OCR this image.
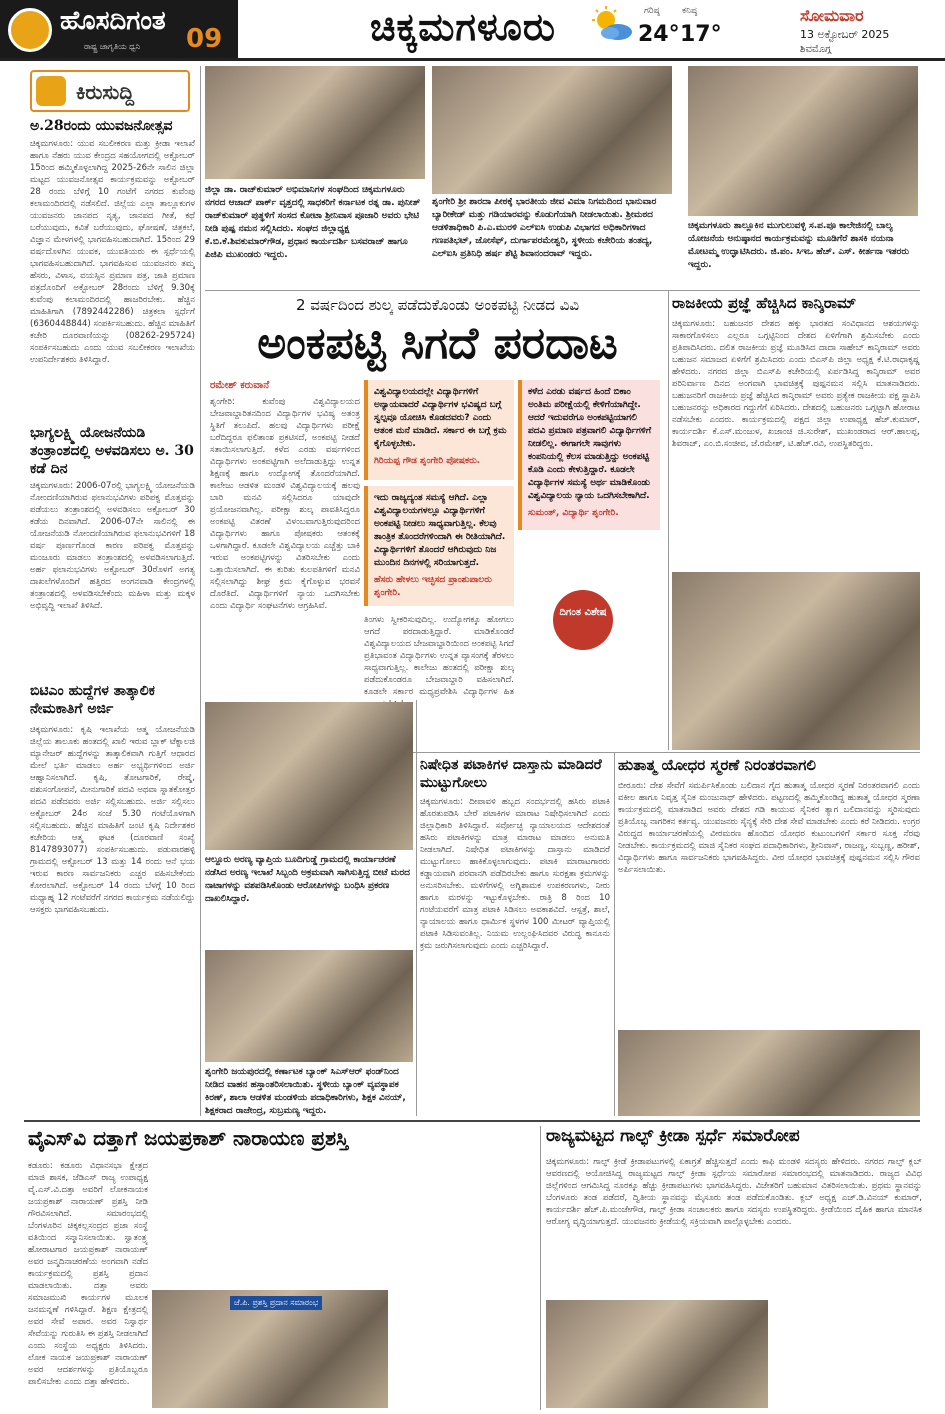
ಹೊಸದಿಗಂತ
ರಾಷ್ಟ್ರ ಜಾಗೃತಿಯ ಧ್ವನಿ 09	ಚಿಕ್ಕಮಗಳೂರು	ಗರಿಷ್ಠ
24°
ಕನಿಷ್ಠ
17°
ಸೋಮವಾರ
13 ಅಕ್ಟೋಬರ್ 2025
ಶಿವಮೊಗ್ಗ
ಕಿರುಸುದ್ದಿ
ಅ.28ರಂದು ಯುವಜನೋತ್ಸವ
ಚಿಕ್ಕಮಗಳೂರು: ಯುವ ಸಬಲೀಕರಣ ಮತ್ತು ಕ್ರೀಡಾ ಇಲಾಖೆ ಹಾಗೂ ನೆಹರು ಯುವ ಕೇಂದ್ರದ ಸಹಯೋಗದಲ್ಲಿ ಅಕ್ಟೋಬರ್ 15ರಿಂದ ಹಮ್ಮಿಕೊಳ್ಳಲಾಗಿದ್ದ 2025-26ನೇ ಸಾಲಿನ ಜಿಲ್ಲಾ ಮಟ್ಟದ ಯುವಜನೋತ್ಸವ ಕಾರ್ಯಕ್ರಮವನ್ನು ಅಕ್ಟೋಬರ್ 28 ರಂದು ಬೆಳಿಗ್ಗೆ 10 ಗಂಟೆಗೆ ನಗರದ ಕುವೆಂಪು ಕಲಾಮಂದಿರದಲ್ಲಿ ನಡೆಸಲಿದೆ. ಜಿಲ್ಲೆಯ ಎಲ್ಲಾ ತಾಲ್ಲೂಕುಗಳ ಯುವಜನರು ಜಾನಪದ ನೃತ್ಯ, ಜಾನಪದ ಗೀತೆ, ಕಥೆ ಬರೆಯುವುದು, ಕವಿತೆ ಬರೆಯುವುದು, ಘೋಷಣೆ, ಚಿತ್ರಕಲೆ, ವಿಜ್ಞಾನ ಮೇಳಗಳಲ್ಲಿ ಭಾಗವಹಿಸಬಹುದಾಗಿದೆ. 15ರಿಂದ 29 ವರ್ಷದೊಳಗಿನ ಯುವಕ, ಯುವತಿಯರು ಈ ಸ್ಪರ್ಧೆಯಲ್ಲಿ ಭಾಗವಹಿಸಬಹುದಾಗಿದೆ. ಭಾಗವಹಿಸುವ ಯುವಜನರು ತಮ್ಮ ಹೆಸರು, ವಿಳಾಸ, ವಯಸ್ಸಿನ ಪ್ರಮಾಣ ಪತ್ರ, ಜಾತಿ ಪ್ರಮಾಣ ಪತ್ರದೊಂದಿಗೆ ಅಕ್ಟೋಬರ್ 28ರಂದು ಬೆಳಿಗ್ಗೆ 9.30ಕ್ಕೆ ಕುವೆಂಪು ಕಲಾಮಂದಿರದಲ್ಲಿ ಹಾಜರಿರಬೇಕು. ಹೆಚ್ಚಿನ ಮಾಹಿತಿಗಾಗಿ (7892442286) ಚಿತ್ರಕಲಾ ಸ್ಪರ್ಧೆಗೆ (6360448844) ಸಂಪರ್ಕಿಸಬಹುದು. ಹೆಚ್ಚಿನ ಮಾಹಿತಿಗೆ ಕಚೇರಿ ದೂರವಾಣಿಯನ್ನು (08262-295724) ಸಂಪರ್ಕಿಸಬಹುದು ಎಂದು ಯುವ ಸಬಲೀಕರಣ ಇಲಾಖೆಯ ಉಪನಿರ್ದೇಶಕರು ತಿಳಿಸಿದ್ದಾರೆ.
ಭಾಗ್ಯಲಕ್ಷ್ಮಿ ಯೋಜನೆಯಡಿ ತಂತ್ರಾಂಶದಲ್ಲಿ ಅಳವಡಿಸಲು ಅ. 30 ಕಡೆ ದಿನ
ಚಿಕ್ಕಮಗಳೂರು: 2006-07ರಲ್ಲಿ ಭಾಗ್ಯಲಕ್ಷ್ಮಿ ಯೋಜನೆಯಡಿ ನೋಂದಣಿಯಾಗಿರುವ ಫಲಾನುಭವಿಗಳು ಪರಿಪಕ್ವ ಮೊತ್ತವನ್ನು ಪಡೆಯಲು ತಂತ್ರಾಂಶದಲ್ಲಿ ಅಳವಡಿಸಲು ಅಕ್ಟೋಬರ್ 30 ಕಡೆಯ ದಿನವಾಗಿದೆ. 2006-07ನೇ ಸಾಲಿನಲ್ಲಿ ಈ ಯೋಜನೆಯಡಿ ನೋಂದಣಿಯಾಗಿರುವ ಫಲಾನುಭವಿಗಳಿಗೆ 18 ವರ್ಷ ಪೂರ್ಣಗೊಂಡ ಕಾರಣ ಪರಿಪಕ್ವ ಮೊತ್ತವನ್ನು ಮಂಜೂರು ಮಾಡಲು ತಂತ್ರಾಂಶದಲ್ಲಿ ಅಳವಡಿಸಲಾಗುತ್ತಿದೆ. ಅರ್ಹ ಫಲಾನುಭವಿಗಳು ಅಕ್ಟೋಬರ್ 30ರೊಳಗೆ ಅಗತ್ಯ ದಾಖಲೆಗಳೊಂದಿಗೆ ಹತ್ತಿರದ ಅಂಗನವಾಡಿ ಕೇಂದ್ರಗಳಲ್ಲಿ ತಂತ್ರಾಂಶದಲ್ಲಿ ಅಳವಡಿಸಬೇಕೆಂದು ಮಹಿಳಾ ಮತ್ತು ಮಕ್ಕಳ ಅಭಿವೃದ್ಧಿ ಇಲಾಖೆ ತಿಳಿಸಿದೆ.
ಬಿಟಿಎಂ ಹುದ್ದೆಗಳ ತಾತ್ಕಾಲಿಕ ನೇಮಕಾತಿಗೆ ಅರ್ಜಿ
ಚಿಕ್ಕಮಗಳೂರು: ಕೃಷಿ ಇಲಾಖೆಯ ಆತ್ಮ ಯೋಜನೆಯಡಿ ಜಿಲ್ಲೆಯ ತಾಲೂಕು ಹಂತದಲ್ಲಿ ಖಾಲಿ ಇರುವ ಬ್ಲಾಕ್ ಟೆಕ್ನಾಲಜಿ ಮ್ಯಾನೇಜರ್ ಹುದ್ದೆಗಳನ್ನು ತಾತ್ಕಾಲಿಕವಾಗಿ ಗುತ್ತಿಗೆ ಆಧಾರದ ಮೇಲೆ ಭರ್ತಿ ಮಾಡಲು ಅರ್ಹ ಅಭ್ಯರ್ಥಿಗಳಿಂದ ಅರ್ಜಿ ಆಹ್ವಾನಿಸಲಾಗಿದೆ. ಕೃಷಿ, ತೋಟಗಾರಿಕೆ, ರೇಷ್ಮೆ, ಪಶುಸಂಗೋಪನೆ, ಮೀನುಗಾರಿಕೆ ಪದವಿ ಅಥವಾ ಸ್ನಾತಕೋತ್ತರ ಪದವಿ ಪಡೆದವರು ಅರ್ಜಿ ಸಲ್ಲಿಸಬಹುದು. ಅರ್ಜಿ ಸಲ್ಲಿಸಲು ಅಕ್ಟೋಬರ್ 24ರ ಸಂಜೆ 5.30 ಗಂಟೆಯೊಳಗಾಗಿ ಸಲ್ಲಿಸಬಹುದು. ಹೆಚ್ಚಿನ ಮಾಹಿತಿಗೆ ಜಂಟಿ ಕೃಷಿ ನಿರ್ದೇಶಕರ ಕಚೇರಿಯ ಆತ್ಮ ಘಟಕ (ದೂರವಾಣಿ ಸಂಖ್ಯೆ 8147893077) ಸಂಪರ್ಕಿಸಬಹುದು. ಪಡುವಾರಹಳ್ಳಿ ಗ್ರಾಮದಲ್ಲಿ ಅಕ್ಟೋಬರ್ 13 ಮತ್ತು 14 ರಂದು ಆನೆ ಭಯ ಇರುವ ಕಾರಣ ಸಾರ್ವಜನಿಕರು ಎಚ್ಚರ ವಹಿಸಬೇಕೆಂದು ಕೋರಲಾಗಿದೆ. ಅಕ್ಟೋಬರ್ 14 ರಂದು ಬೆಳಗ್ಗೆ 10 ರಿಂದ ಮಧ್ಯಾಹ್ನ 12 ಗಂಟೆವರೆಗೆ ನಗರದ ಕಾರ್ಯಕ್ರಮ ನಡೆಯಲಿದ್ದು ಆಸಕ್ತರು ಭಾಗವಹಿಸಬಹುದು.
ಜಿಲ್ಲಾ ಡಾ. ರಾಜ್‌ಕುಮಾರ್ ಅಭಿಮಾನಿಗಳ ಸಂಘದಿಂದ ಚಿಕ್ಕಮಗಳೂರು ನಗರದ ಆಜಾದ್ ಪಾರ್ಕ್ ವೃತ್ತದಲ್ಲಿ ಸಾಧಕರಿಗೆ ಕರ್ನಾಟಕ ರತ್ನ ಡಾ. ಪುನೀತ್ ರಾಜ್‌ಕುಮಾರ್ ಪುತ್ಥಳಿಗೆ ಸಂಸದ ಕೋಟಾ ಶ್ರೀನಿವಾಸ ಪೂಜಾರಿ ಅವರು ಭೇಟಿ ನೀಡಿ ಪುಷ್ಪ ನಮನ ಸಲ್ಲಿಸಿದರು. ಸಂಘದ ಜಿಲ್ಲಾಧ್ಯಕ್ಷ ಕೆ.ಬಿ.ಕೆ.ಶಿವಕುಮಾರ್‌ಗೌಡ, ಪ್ರಧಾನ ಕಾರ್ಯದರ್ಶಿ ಬಸವರಾಜ್ ಹಾಗೂ ಪಿಜಿಪಿ ಮುಖಂಡರು ಇದ್ದರು.
ಶೃಂಗೇರಿ ಶ್ರೀ ಶಾರದಾ ಪೀಠಕ್ಕೆ ಭಾರತೀಯ ಜೀವ ವಿಮಾ ನಿಗಮದಿಂದ ಭಾನುವಾರ ಬ್ಯಾರೀಕೇಡ್ ಮತ್ತು ಗಡಿಯಾರವನ್ನು ಕೊಡುಗೆಯಾಗಿ ನೀಡಲಾಯಿತು. ಶ್ರೀಮಠದ ಆಡಳಿತಾಧಿಕಾರಿ ಪಿ.ಎ.ಮುರಳಿ ಎಲ್‌ಐಸಿ ಉಡುಪಿ ವಿಭಾಗದ ಅಧಿಕಾರಿಗಳಾದ ಗಣಪತಿಭಟ್, ಜೋಸೆಫ್, ದುರ್ಗಾಪರಮೇಶ್ವರಿ, ಸ್ಥಳೀಯ ಕಚೇರಿಯ ತಂತದ್ಯ, ಎಲ್‌ಐಸಿ ಪ್ರತಿನಿಧಿ ಹರ್ಷ ಶೆಟ್ಟಿ ಶಿವಾನಂದರಾವ್ ಇದ್ದರು.
ಚಿಕ್ಕಮಗಳೂರು ತಾಲ್ಲೂಕಿನ ಮುಗುಲುವಳ್ಳಿ ಸ.ಪ.ಪೂ ಕಾಲೇಜಿನಲ್ಲಿ ಬಾಲ್ಯ ಯೋಜನೆಯ ಅನುಷ್ಠಾನದ ಕಾರ್ಯಕ್ರಮವನ್ನು ಮೂಡಿಗೆರೆ ಶಾಸಕಿ ನಯನಾ ಮೋಟಮ್ಮ ಉದ್ಘಾಟಿಸಿದರು. ಜಿ.ಪಂ. ಸಿಇಒ ಹೆಚ್. ಎಸ್. ಕೀರ್ತನಾ ಇತರರು ಇದ್ದರು.
2 ವರ್ಷದಿಂದ ಶುಲ್ಕ ಪಡೆದುಕೊಂಡು ಅಂಕಪಟ್ಟಿ ನೀಡದ ವಿವಿ
ಅಂಕಪಟ್ಟಿ ಸಿಗದೆ ಪರದಾಟ
ರಮೇಶ್ ಕರುವಾನೆ
ಶೃಂಗೇರಿ: ಕುವೆಂಪು ವಿಶ್ವವಿದ್ಯಾಲಯದ ಬೇಜವಾಬ್ದಾರಿತನದಿಂದ ವಿದ್ಯಾರ್ಥಿಗಳ ಭವಿಷ್ಯ ಅತಂತ್ರ ಸ್ಥಿತಿಗೆ ತಲುಪಿದೆ. ಹಲವು ವಿದ್ಯಾರ್ಥಿಗಳು ಪರೀಕ್ಷೆ ಬರೆದಿದ್ದರೂ ಫಲಿತಾಂಶ ಪ್ರಕಟಿಸದೆ, ಅಂಕಪಟ್ಟಿ ನೀಡದೆ ಸತಾಯಿಸಲಾಗುತ್ತಿದೆ. ಕಳೆದ ಎರಡು ವರ್ಷಗಳಿಂದ ವಿದ್ಯಾರ್ಥಿಗಳು ಅಂಕಪಟ್ಟಿಗಾಗಿ ಅಲೆದಾಡುತ್ತಿದ್ದು ಉನ್ನತ ಶಿಕ್ಷಣಕ್ಕೆ ಹಾಗೂ ಉದ್ಯೋಗಕ್ಕೆ ತೊಂದರೆಯಾಗಿದೆ. ಕಾಲೇಜು ಆಡಳಿತ ಮಂಡಳಿ ವಿಶ್ವವಿದ್ಯಾಲಯಕ್ಕೆ ಹಲವು ಬಾರಿ ಮನವಿ ಸಲ್ಲಿಸಿದರೂ ಯಾವುದೇ ಪ್ರಯೋಜನವಾಗಿಲ್ಲ. ಪರೀಕ್ಷಾ ಶುಲ್ಕ ಪಾವತಿಸಿದ್ದರೂ ಅಂಕಪಟ್ಟಿ ವಿತರಣೆ ವಿಳಂಬವಾಗುತ್ತಿರುವುದರಿಂದ ವಿದ್ಯಾರ್ಥಿಗಳು ಹಾಗೂ ಪೋಷಕರು ಆತಂಕಕ್ಕೆ ಒಳಗಾಗಿದ್ದಾರೆ. ಕೂಡಲೇ ವಿಶ್ವವಿದ್ಯಾಲಯ ಎಚ್ಚೆತ್ತು ಬಾಕಿ ಇರುವ ಅಂಕಪಟ್ಟಿಗಳನ್ನು ವಿತರಿಸಬೇಕು ಎಂದು ಒತ್ತಾಯಿಸಲಾಗಿದೆ. ಈ ಕುರಿತು ಕುಲಪತಿಗಳಿಗೆ ಮನವಿ ಸಲ್ಲಿಸಲಾಗಿದ್ದು ಶೀಘ್ರ ಕ್ರಮ ಕೈಗೊಳ್ಳುವ ಭರವಸೆ ದೊರೆತಿದೆ. ವಿದ್ಯಾರ್ಥಿಗಳಿಗೆ ನ್ಯಾಯ ಒದಗಿಸಬೇಕು ಎಂದು ವಿದ್ಯಾರ್ಥಿ ಸಂಘಟನೆಗಳು ಆಗ್ರಹಿಸಿವೆ.
ವಿಶ್ವವಿದ್ಯಾಲಯದಲ್ಲೇ ವಿದ್ಯಾರ್ಥಿಗಳಿಗೆ ಅನ್ಯಾಯವಾದರೆ ವಿದ್ಯಾರ್ಥಿಗಳ ಭವಿಷ್ಯದ ಬಗ್ಗೆ ಸ್ವಲ್ಪವೂ ಯೋಚಿಸಿ ಕೊಡದವರು? ಎಂದು ಆತಂಕ ಮನೆ ಮಾಡಿದೆ. ಸರ್ಕಾರ ಈ ಬಗ್ಗೆ ಕ್ರಮ ಕೈಗೊಳ್ಳಬೇಕು.
ಗಿರಿಯಪ್ಪ ಗೌಡ ಶೃಂಗೇರಿ ಪೋಷಕರು.
ಇದು ರಾಜ್ಯದ್ಯಂತ ಸಮಸ್ಯೆ ಆಗಿದೆ. ಎಲ್ಲಾ ವಿಶ್ವವಿದ್ಯಾಲಯಗಳಲ್ಲೂ ವಿದ್ಯಾರ್ಥಿಗಳಿಗೆ ಅಂಕಪಟ್ಟಿ ನೀಡಲು ಸಾಧ್ಯವಾಗುತ್ತಿಲ್ಲ. ಕೆಲವು ತಾಂತ್ರಿಕ ತೊಂದರೆಗಳಿಂದಾಗಿ ಈ ರೀತಿಯಾಗಿದೆ. ವಿದ್ಯಾರ್ಥಿಗಳಿಗೆ ತೊಂದರೆ ಆಗಿರುವುದು ನಿಜ ಮುಂದಿನ ದಿನಗಳಲ್ಲಿ ಸರಿಯಾಗುತ್ತದೆ.
ಹೆಸರು ಹೇಳಲು ಇಚ್ಛಿಸದ ಪ್ರಾಂಶುಪಾಲರು ಶೃಂಗೇರಿ.
ಕಳೆದ ಎರಡು ವರ್ಷದ ಹಿಂದೆ ಬಿಕಾಂ ಅಂತಿಮ ಪರೀಕ್ಷೆಯಲ್ಲಿ ಕೇಳಿಗೆಯಾಗಿದ್ದೇ. ಆದರೆ ಇದುವರೆಗೂ ಅಂಕಪಟ್ಟಿಯಾಗಲಿ ಪದವಿ ಪ್ರಮಾಣ ಪತ್ರವಾಗಲಿ ವಿದ್ಯಾರ್ಥಿಗಳಿಗೆ ನೀಡಲಿಲ್ಲ. ಈಗಾಗಲೇ ಸಾವುಗಳು ಕಂಪನಿಯಲ್ಲಿ ಕೆಲಸ ಮಾಡುತ್ತಿದ್ದು ಅಂಕಪಟ್ಟಿ ಕೊಡಿ ಎಂದು ಕೇಳುತ್ತಿದ್ದಾರೆ. ಕೂಡಲೇ ವಿದ್ಯಾರ್ಥಿಗಳ ಸಮಸ್ಯೆ ಅರ್ಥ ಮಾಡಿಕೊಂಡು ವಿಶ್ವವಿದ್ಯಾಲಯ ನ್ಯಾಯ ಒದಗಿಸಬೇಕಾಗಿದೆ.
ಸುಮಂತ್, ವಿದ್ಯಾರ್ಥಿ ಶೃಂಗೇರಿ.
ತಿಂಗಳು ಸ್ವೀಕರಿಸುವುದಿಲ್ಲ. ಉದ್ಯೋಗಕ್ಕೂ ಹೋಗಲು ಆಗದೆ ಪರದಾಡುತ್ತಿದ್ದಾರೆ. ಮಾಡಿಕೊಂಡರೆ ವಿಶ್ವವಿದ್ಯಾಲಯದ ಬೇಜವಾಬ್ದಾರಿಯಿಂದ ಅಂಕಪಟ್ಟಿ ಸಿಗದೆ ಪ್ರತಿಭಾವಂತ ವಿದ್ಯಾರ್ಥಿಗಳು ಉನ್ನತ ವ್ಯಾಸಂಗಕ್ಕೆ ತೆರಳಲು ಸಾಧ್ಯವಾಗುತ್ತಿಲ್ಲ. ಕಾಲೇಜು ಹಂತದಲ್ಲಿ ಪರೀಕ್ಷಾ ಶುಲ್ಕ ಪಡೆದುಕೊಂಡರೂ ಬೇಜವಾಬ್ದಾರಿ ವಹಿಸಲಾಗಿದೆ. ಕೂಡಲೇ ಸರ್ಕಾರ ಮಧ್ಯಪ್ರವೇಶಿಸಿ ವಿದ್ಯಾರ್ಥಿಗಳ ಹಿತ
ದಿಗಂತ ವಿಶೇಷ
ರಾಜಕೀಯ ಪ್ರಜ್ಞೆ ಹೆಚ್ಚಿಸಿದ ಕಾನ್ಶಿರಾಮ್
ಚಿಕ್ಕಮಗಳೂರು: ಬಹುಜನರ ದೇಶದ ಹಕ್ಕು ಭಾರತದ ಸಂವಿಧಾನದ ಆಶಯಗಳನ್ನು ಸಾಕಾರಗೊಳಿಸಲು ಎಲ್ಲರೂ ಒಗ್ಗಟ್ಟಿನಿಂದ ದೇಶದ ಏಳಿಗೆಗಾಗಿ ಶ್ರಮಿಸಬೇಕು ಎಂದು ಪ್ರತಿಪಾದಿಸಿದರು. ದಲಿತ ರಾಜಕೀಯ ಪ್ರಜ್ಞೆ ಮೂಡಿಸಿದ ದಾದಾ ಸಾಹೇಬ್ ಕಾನ್ಶಿರಾಮ್ ಅವರು ಬಹುಜನ ಸಮಾಜದ ಏಳಿಗೆಗೆ ಶ್ರಮಿಸಿದರು ಎಂದು ಬಿಎಸ್‌ಪಿ ಜಿಲ್ಲಾ ಅಧ್ಯಕ್ಷ ಕೆ.ಟಿ.ರಾಧಾಕೃಷ್ಣ ಹೇಳಿದರು. ನಗರದ ಜಿಲ್ಲಾ ಬಿಎಸ್‌ಪಿ ಕಚೇರಿಯಲ್ಲಿ ಏರ್ಪಡಿಸಿದ್ದ ಕಾನ್ಶಿರಾಮ್ ಅವರ ಪರಿನಿರ್ವಾಣ ದಿನದ ಅಂಗವಾಗಿ ಭಾವಚಿತ್ರಕ್ಕೆ ಪುಷ್ಪನಮನ ಸಲ್ಲಿಸಿ ಮಾತನಾಡಿದರು. ಬಹುಜನರಿಗೆ ರಾಜಕೀಯ ಪ್ರಜ್ಞೆ ಹೆಚ್ಚಿಸಿದ ಕಾನ್ಶಿರಾಮ್ ಅವರು ಪ್ರತ್ಯೇಕ ರಾಜಕೀಯ ಪಕ್ಷ ಸ್ಥಾಪಿಸಿ ಬಹುಜನರನ್ನು ಅಧಿಕಾರದ ಗದ್ದುಗೆಗೆ ಏರಿಸಿದರು. ದೇಶದಲ್ಲಿ ಬಹುಜನರು ಒಗ್ಗಟ್ಟಾಗಿ ಹೋರಾಟ ನಡೆಸಬೇಕು ಎಂದರು. ಕಾರ್ಯಕ್ರಮದಲ್ಲಿ ಪಕ್ಷದ ಜಿಲ್ಲಾ ಉಪಾಧ್ಯಕ್ಷ ಹೆಚ್.ಕುಮಾರ್, ಕಾರ್ಯದರ್ಶಿ ಕೆ.ಎಸ್.ಮಂಜುಳ, ಖಜಾಂಚಿ ಜಿ.ಸುರೇಶ್, ಮುಖಂಡರಾದ ಆರ್.ಹಾಲಪ್ಪ, ಶಿವರಾಜ್, ಎಂ.ಬಿ.ಸಂಜೀವ, ಜೆ.ರಮೇಶ್, ಟಿ.ಹೆಚ್.ರವಿ, ಉಪಸ್ಥಿತರಿದ್ದರು.
ಆಲ್ದೂರು ಅರಣ್ಯ ವ್ಯಾಪ್ತಿಯ ಬೂದಿಗುಡ್ಡೆ ಗ್ರಾಮದಲ್ಲಿ ಕಾರ್ಯಾಚರಣೆ ನಡೆಸಿದ ಅರಣ್ಯ ಇಲಾಖೆ ಸಿಬ್ಬಂದಿ ಅಕ್ರಮವಾಗಿ ಸಾಗಿಸುತ್ತಿದ್ದ ಬೀಟೆ ಮರದ ನಾಟಾಗಳನ್ನು ವಶಪಡಿಸಿಕೊಂಡು ಆರೋಪಿಗಳನ್ನು ಬಂಧಿಸಿ ಪ್ರಕರಣ ದಾಖಲಿಸಿದ್ದಾರೆ.
ಶೃಂಗೇರಿ ಜಯಪುರದಲ್ಲಿ ಕರ್ಣಾಟಕ ಬ್ಯಾಂಕ್ ಸಿಎಸ್‌ಆರ್ ಫಂಡ್‌ನಿಂದ ನೀಡಿದ ವಾಹನ ಹಸ್ತಾಂತರಿಸಲಾಯಿತು. ಸ್ಥಳೀಯ ಬ್ಯಾಂಕ್ ವ್ಯವಸ್ಥಾಪಕ ಕಿರಣ್, ಶಾಲಾ ಆಡಳಿತ ಮಂಡಳಿಯ ಪದಾಧಿಕಾರಿಗಳು, ಶಿಕ್ಷಕ ವಿನಯ್, ಶಿಕ್ಷಕರಾದ ರಾಜೇಂದ್ರ, ಸುಬ್ರಮಣ್ಯ ಇದ್ದರು.
ನಿಷೇಧಿತ ಪಟಾಕಿಗಳ ದಾಸ್ತಾನು ಮಾಡಿದರೆ ಮುಟ್ಟುಗೋಲು
ಚಿಕ್ಕಮಗಳೂರು: ದೀಪಾವಳಿ ಹಬ್ಬದ ಸಂದರ್ಭದಲ್ಲಿ ಹಸಿರು ಪಟಾಕಿ ಹೊರತುಪಡಿಸಿ ಬೇರೆ ಪಟಾಕಿಗಳ ಮಾರಾಟ ನಿಷೇಧಿಸಲಾಗಿದೆ ಎಂದು ಜಿಲ್ಲಾಧಿಕಾರಿ ತಿಳಿಸಿದ್ದಾರೆ. ಸರ್ವೋಚ್ಛ ನ್ಯಾಯಾಲಯದ ಆದೇಶದಂತೆ ಹಸಿರು ಪಟಾಕಿಗಳನ್ನು ಮಾತ್ರ ಮಾರಾಟ ಮಾಡಲು ಅನುಮತಿ ನೀಡಲಾಗಿದೆ. ನಿಷೇಧಿತ ಪಟಾಕಿಗಳನ್ನು ದಾಸ್ತಾನು ಮಾಡಿದರೆ ಮುಟ್ಟುಗೋಲು ಹಾಕಿಕೊಳ್ಳಲಾಗುವುದು. ಪಟಾಕಿ ಮಾರಾಟಗಾರರು ಕಡ್ಡಾಯವಾಗಿ ಪರವಾನಗಿ ಪಡೆದಿರಬೇಕು ಹಾಗೂ ಸುರಕ್ಷತಾ ಕ್ರಮಗಳನ್ನು ಅನುಸರಿಸಬೇಕು. ಮಳಿಗೆಗಳಲ್ಲಿ ಅಗ್ನಿಶಾಮಕ ಉಪಕರಣಗಳು, ನೀರು ಹಾಗೂ ಮರಳನ್ನು ಇಟ್ಟುಕೊಳ್ಳಬೇಕು. ರಾತ್ರಿ 8 ರಿಂದ 10 ಗಂಟೆಯವರೆಗೆ ಮಾತ್ರ ಪಟಾಕಿ ಸಿಡಿಸಲು ಅವಕಾಶವಿದೆ. ಆಸ್ಪತ್ರೆ, ಶಾಲೆ, ನ್ಯಾಯಾಲಯ ಹಾಗೂ ಧಾರ್ಮಿಕ ಸ್ಥಳಗಳ 100 ಮೀಟರ್ ವ್ಯಾಪ್ತಿಯಲ್ಲಿ ಪಟಾಕಿ ಸಿಡಿಸುವಂತಿಲ್ಲ. ನಿಯಮ ಉಲ್ಲಂಘಿಸಿದವರ ವಿರುದ್ಧ ಕಾನೂನು ಕ್ರಮ ಜರುಗಿಸಲಾಗುವುದು ಎಂದು ಎಚ್ಚರಿಸಿದ್ದಾರೆ.
ಹುತಾತ್ಮ ಯೋಧರ ಸ್ಮರಣೆ ನಿರಂತರವಾಗಲಿ
ಬೀರೂರು: ದೇಶ ಸೇವೆಗೆ ಸಮರ್ಪಿಸಿಕೊಂಡು ಬಲಿದಾನ ಗೈದ ಹುತಾತ್ಮ ಯೋಧರ ಸ್ಮರಣೆ ನಿರಂತರವಾಗಲಿ ಎಂದು ವಕೀಲ ಹಾಗೂ ನಿವೃತ್ತ ಸೈನಿಕ ಮಂಜುನಾಥ್ ಹೇಳಿದರು. ಪಟ್ಟಣದಲ್ಲಿ ಹಮ್ಮಿಕೊಂಡಿದ್ದ ಹುತಾತ್ಮ ಯೋಧರ ಸ್ಮರಣಾ ಕಾರ್ಯಕ್ರಮದಲ್ಲಿ ಮಾತನಾಡಿದ ಅವರು ದೇಶದ ಗಡಿ ಕಾಯುವ ಸೈನಿಕರ ತ್ಯಾಗ ಬಲಿದಾನವನ್ನು ಸ್ಮರಿಸುವುದು ಪ್ರತಿಯೊಬ್ಬ ನಾಗರಿಕನ ಕರ್ತವ್ಯ. ಯುವಜನರು ಸೈನ್ಯಕ್ಕೆ ಸೇರಿ ದೇಶ ಸೇವೆ ಮಾಡಬೇಕು ಎಂದು ಕರೆ ನೀಡಿದರು. ಉಗ್ರರ ವಿರುದ್ಧದ ಕಾರ್ಯಾಚರಣೆಯಲ್ಲಿ ವೀರಮರಣ ಹೊಂದಿದ ಯೋಧರ ಕುಟುಂಬಗಳಿಗೆ ಸರ್ಕಾರ ಸೂಕ್ತ ನೆರವು ನೀಡಬೇಕು. ಕಾರ್ಯಕ್ರಮದಲ್ಲಿ ಮಾಜಿ ಸೈನಿಕರ ಸಂಘದ ಪದಾಧಿಕಾರಿಗಳು, ಶ್ರೀನಿವಾಸ್, ರಾಜಣ್ಣ, ಸುಬ್ಬಣ್ಣ, ಹರೀಶ್, ವಿದ್ಯಾರ್ಥಿಗಳು ಹಾಗೂ ಸಾರ್ವಜನಿಕರು ಭಾಗವಹಿಸಿದ್ದರು. ವೀರ ಯೋಧರ ಭಾವಚಿತ್ರಕ್ಕೆ ಪುಷ್ಪನಮನ ಸಲ್ಲಿಸಿ ಗೌರವ ಅರ್ಪಿಸಲಾಯಿತು.
ವೈಎಸ್‌ವಿ ದತ್ತಾಗೆ ಜಯಪ್ರಕಾಶ್ ನಾರಾಯಣ ಪ್ರಶಸ್ತಿ
ಕಡೂರು: ಕಡೂರು ವಿಧಾನಸಭಾ ಕ್ಷೇತ್ರದ ಮಾಜಿ ಶಾಸಕ, ಜೆಡಿಎಸ್ ರಾಜ್ಯ ಉಪಾಧ್ಯಕ್ಷ ವೈ.ಎಸ್.ವಿ.ದತ್ತಾ ಅವರಿಗೆ ಲೋಕನಾಯಕ ಜಯಪ್ರಕಾಶ್ ನಾರಾಯಣ್ ಪ್ರಶಸ್ತಿ ನೀಡಿ ಗೌರವಿಸಲಾಗಿದೆ. ಸಮಾರಂಭದಲ್ಲಿ ಬೆಂಗಳೂರಿನ ಚಿಕ್ಕಕಲ್ಲಸಂದ್ರದ ಪ್ರಜಾ ಸಂಸ್ಥೆ ವತಿಯಿಂದ ಸನ್ಮಾನಿಸಲಾಯಿತು. ಸ್ವಾತಂತ್ರ್ಯ ಹೋರಾಟಗಾರ ಜಯಪ್ರಕಾಶ್ ನಾರಾಯಣ್ ಅವರ ಜನ್ಮದಿನಾಚರಣೆಯ ಅಂಗವಾಗಿ ನಡೆದ ಕಾರ್ಯಕ್ರಮದಲ್ಲಿ ಪ್ರಶಸ್ತಿ ಪ್ರದಾನ ಮಾಡಲಾಯಿತು. ದತ್ತಾ ಅವರು ಸಮಾಜಮುಖಿ ಕಾರ್ಯಗಳ ಮೂಲಕ ಜನಮನ್ನಣೆ ಗಳಿಸಿದ್ದಾರೆ. ಶಿಕ್ಷಣ ಕ್ಷೇತ್ರದಲ್ಲಿ ಅವರ ಸೇವೆ ಅಪಾರ. ಅವರ ನಿಸ್ವಾರ್ಥ ಸೇವೆಯನ್ನು ಗುರುತಿಸಿ ಈ ಪ್ರಶಸ್ತಿ ನೀಡಲಾಗಿದೆ ಎಂದು ಸಂಸ್ಥೆಯ ಅಧ್ಯಕ್ಷರು ತಿಳಿಸಿದರು. ಲೋಕ ನಾಯಕ ಜಯಪ್ರಕಾಶ್ ನಾರಾಯಣ್ ಅವರ ಆದರ್ಶಗಳನ್ನು ಪ್ರತಿಯೊಬ್ಬರೂ ಪಾಲಿಸಬೇಕು ಎಂದು ದತ್ತಾ ಹೇಳಿದರು.
ಜೆ.ಪಿ. ಪ್ರಶಸ್ತಿ ಪ್ರದಾನ ಸಮಾರಂಭ
ರಾಜ್ಯಮಟ್ಟದ ಗಾಲ್ಫ್ ಕ್ರೀಡಾ ಸ್ಪರ್ಧೆ ಸಮಾರೋಪ
ಚಿಕ್ಕಮಗಳೂರು: ಗಾಲ್ಫ್ ಕ್ರೀಡೆ ಕ್ರೀಡಾಪಟುಗಳಲ್ಲಿ ಏಕಾಗ್ರತೆ ಹೆಚ್ಚಿಸುತ್ತದೆ ಎಂದು ಕಾಫಿ ಮಂಡಳಿ ಸದಸ್ಯರು ಹೇಳಿದರು. ನಗರದ ಗಾಲ್ಫ್ ಕ್ಲಬ್ ಆವರಣದಲ್ಲಿ ಆಯೋಜಿಸಿದ್ದ ರಾಜ್ಯಮಟ್ಟದ ಗಾಲ್ಫ್ ಕ್ರೀಡಾ ಸ್ಪರ್ಧೆಯ ಸಮಾರೋಪ ಸಮಾರಂಭದಲ್ಲಿ ಮಾತನಾಡಿದರು. ರಾಜ್ಯದ ವಿವಿಧ ಜಿಲ್ಲೆಗಳಿಂದ ಆಗಮಿಸಿದ್ದ ನೂರಕ್ಕೂ ಹೆಚ್ಚು ಕ್ರೀಡಾಪಟುಗಳು ಭಾಗವಹಿಸಿದ್ದರು. ವಿಜೇತರಿಗೆ ಬಹುಮಾನ ವಿತರಿಸಲಾಯಿತು. ಪ್ರಥಮ ಸ್ಥಾನವನ್ನು ಬೆಂಗಳೂರು ತಂಡ ಪಡೆದರೆ, ದ್ವಿತೀಯ ಸ್ಥಾನವನ್ನು ಮೈಸೂರು ತಂಡ ಪಡೆದುಕೊಂಡಿತು. ಕ್ಲಬ್ ಅಧ್ಯಕ್ಷ ಎಚ್.ಡಿ.ವಿನಯ್ ಕುಮಾರ್, ಕಾರ್ಯದರ್ಶಿ ಹೆಚ್.ಪಿ.ಮಂಜೇಗೌಡ, ಗಾಲ್ಫ್ ಕ್ರೀಡಾ ಸಂಚಾಲಕರು ಹಾಗೂ ಸದಸ್ಯರು ಉಪಸ್ಥಿತರಿದ್ದರು. ಕ್ರೀಡೆಯಿಂದ ದೈಹಿಕ ಹಾಗೂ ಮಾನಸಿಕ ಆರೋಗ್ಯ ವೃದ್ಧಿಯಾಗುತ್ತದೆ. ಯುವಜನರು ಕ್ರೀಡೆಯಲ್ಲಿ ಸಕ್ರಿಯವಾಗಿ ಪಾಲ್ಗೊಳ್ಳಬೇಕು ಎಂದರು.
